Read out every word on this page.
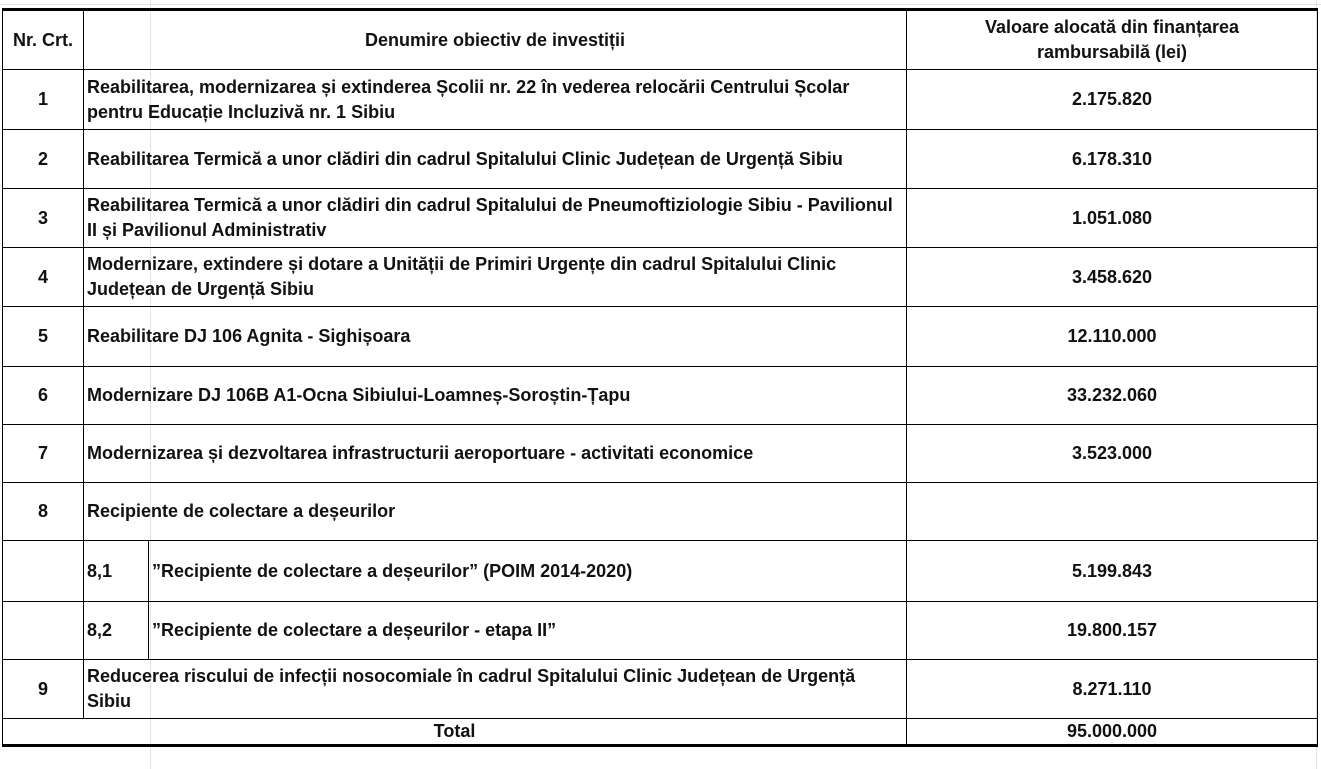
Nr. Crt.	Denumire obiectiv de investiții		Valoare alocată din finanțarea rambursabilă (lei)
1	Reabilitarea, modernizarea și extinderea Școlii nr. 22 în vederea relocării Centrului Școlar pentru Educație Incluzivă nr. 1 Sibiu		2.175.820
2	Reabilitarea Termică a unor clădiri din cadrul Spitalului Clinic Județean de Urgență Sibiu		6.178.310
3	Reabilitarea Termică a unor clădiri din cadrul Spitalului de Pneumoftiziologie Sibiu - Pavilionul II și Pavilionul Administrativ		1.051.080
4	Modernizare, extindere și dotare a Unității de Primiri Urgențe din cadrul Spitalului Clinic Județean de Urgență Sibiu		3.458.620
5	Reabilitare DJ 106 Agnita - Sighișoara		12.110.000
6	Modernizare DJ 106B A1-Ocna Sibiului-Loamneș-Soroștin-Țapu		33.232.060
7	Modernizarea și dezvoltarea infrastructurii aeroportuare - activitati economice		3.523.000
8	Recipiente de colectare a deșeurilor		
	8,1	”Recipiente de colectare a deșeurilor” (POIM 2014-2020)	5.199.843
	8,2	”Recipiente de colectare a deșeurilor - etapa II”	19.800.157
9	Reducerea riscului de infecții nosocomiale în cadrul Spitalului Clinic Județean de Urgență Sibiu		8.271.110
Total			95.000.000
